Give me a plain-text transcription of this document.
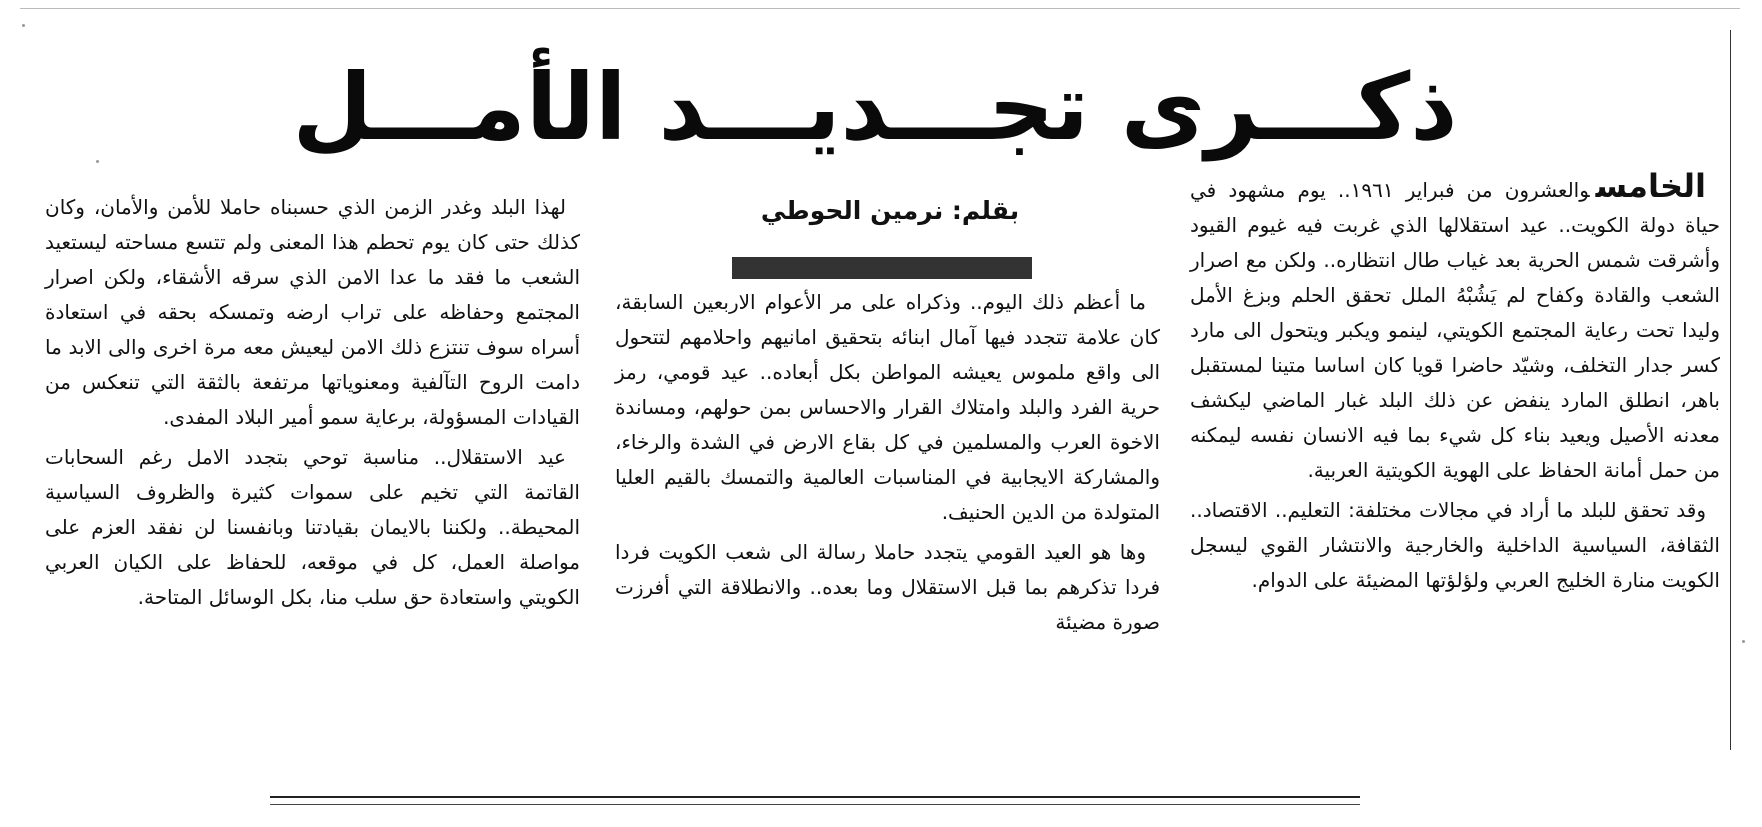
ذكـــرى تجـــديـــد الأمـــل
بقلم: نرمين الحوطي

الخامسوالعشرون من فبراير ١٩٦١.. يوم مشهود في حياة دولة الكويت.. عيد استقلالها الذي غربت فيه غيوم القيود وأشرقت شمس الحرية بعد غياب طال انتظاره.. ولكن مع اصرار الشعب والقادة وكفاح لم يَشُبْهُ الملل تحقق الحلم وبزغ الأمل وليدا تحت رعاية المجتمع الكويتي، لينمو ويكبر ويتحول الى مارد كسر جدار التخلف، وشيّد حاضرا قويا كان اساسا متينا لمستقبل باهر، انطلق المارد ينفض عن ذلك البلد غبار الماضي ليكشف معدنه الأصيل ويعيد بناء كل شيء بما فيه الانسان نفسه ليمكنه من حمل أمانة الحفاظ على الهوية الكويتية العربية.

وقد تحقق للبلد ما أراد في مجالات مختلفة: التعليم.. الاقتصاد.. الثقافة، السياسية الداخلية والخارجية والانتشار القوي ليسجل الكويت منارة الخليج العربي ولؤلؤتها المضيئة على الدوام.

ما أعظم ذلك اليوم.. وذكراه على مر الأعوام الاربعين السابقة، كان علامة تتجدد فيها آمال ابنائه بتحقيق امانيهم واحلامهم لتتحول الى واقع ملموس يعيشه المواطن بكل أبعاده.. عيد قومي، رمز حرية الفرد والبلد وامتلاك القرار والاحساس بمن حولهم، ومساندة الاخوة العرب والمسلمين في كل بقاع الارض في الشدة والرخاء، والمشاركة الايجابية في المناسبات العالمية والتمسك بالقيم العليا المتولدة من الدين الحنيف.

وها هو العيد القومي يتجدد حاملا رسالة الى شعب الكويت فردا فردا تذكرهم بما قبل الاستقلال وما بعده.. والانطلاقة التي أفرزت صورة مضيئة

لهذا البلد وغدر الزمن الذي حسبناه حاملا للأمن والأمان، وكان كذلك حتى كان يوم تحطم هذا المعنى ولم تتسع مساحته ليستعيد الشعب ما فقد ما عدا الامن الذي سرقه الأشقاء، ولكن اصرار المجتمع وحفاظه على تراب ارضه وتمسكه بحقه في استعادة أسراه سوف تنتزع ذلك الامن ليعيش معه مرة اخرى والى الابد ما دامت الروح التآلفية ومعنوياتها مرتفعة بالثقة التي تنعكس من القيادات المسؤولة، برعاية سمو أمير البلاد المفدى.

عيد الاستقلال.. مناسبة توحي بتجدد الامل رغم السحابات القاتمة التي تخيم على سموات كثيرة والظروف السياسية المحيطة.. ولكننا بالايمان بقيادتنا وبانفسنا لن نفقد العزم على مواصلة العمل، كل في موقعه، للحفاظ على الكيان العربي الكويتي واستعادة حق سلب منا، بكل الوسائل المتاحة.
